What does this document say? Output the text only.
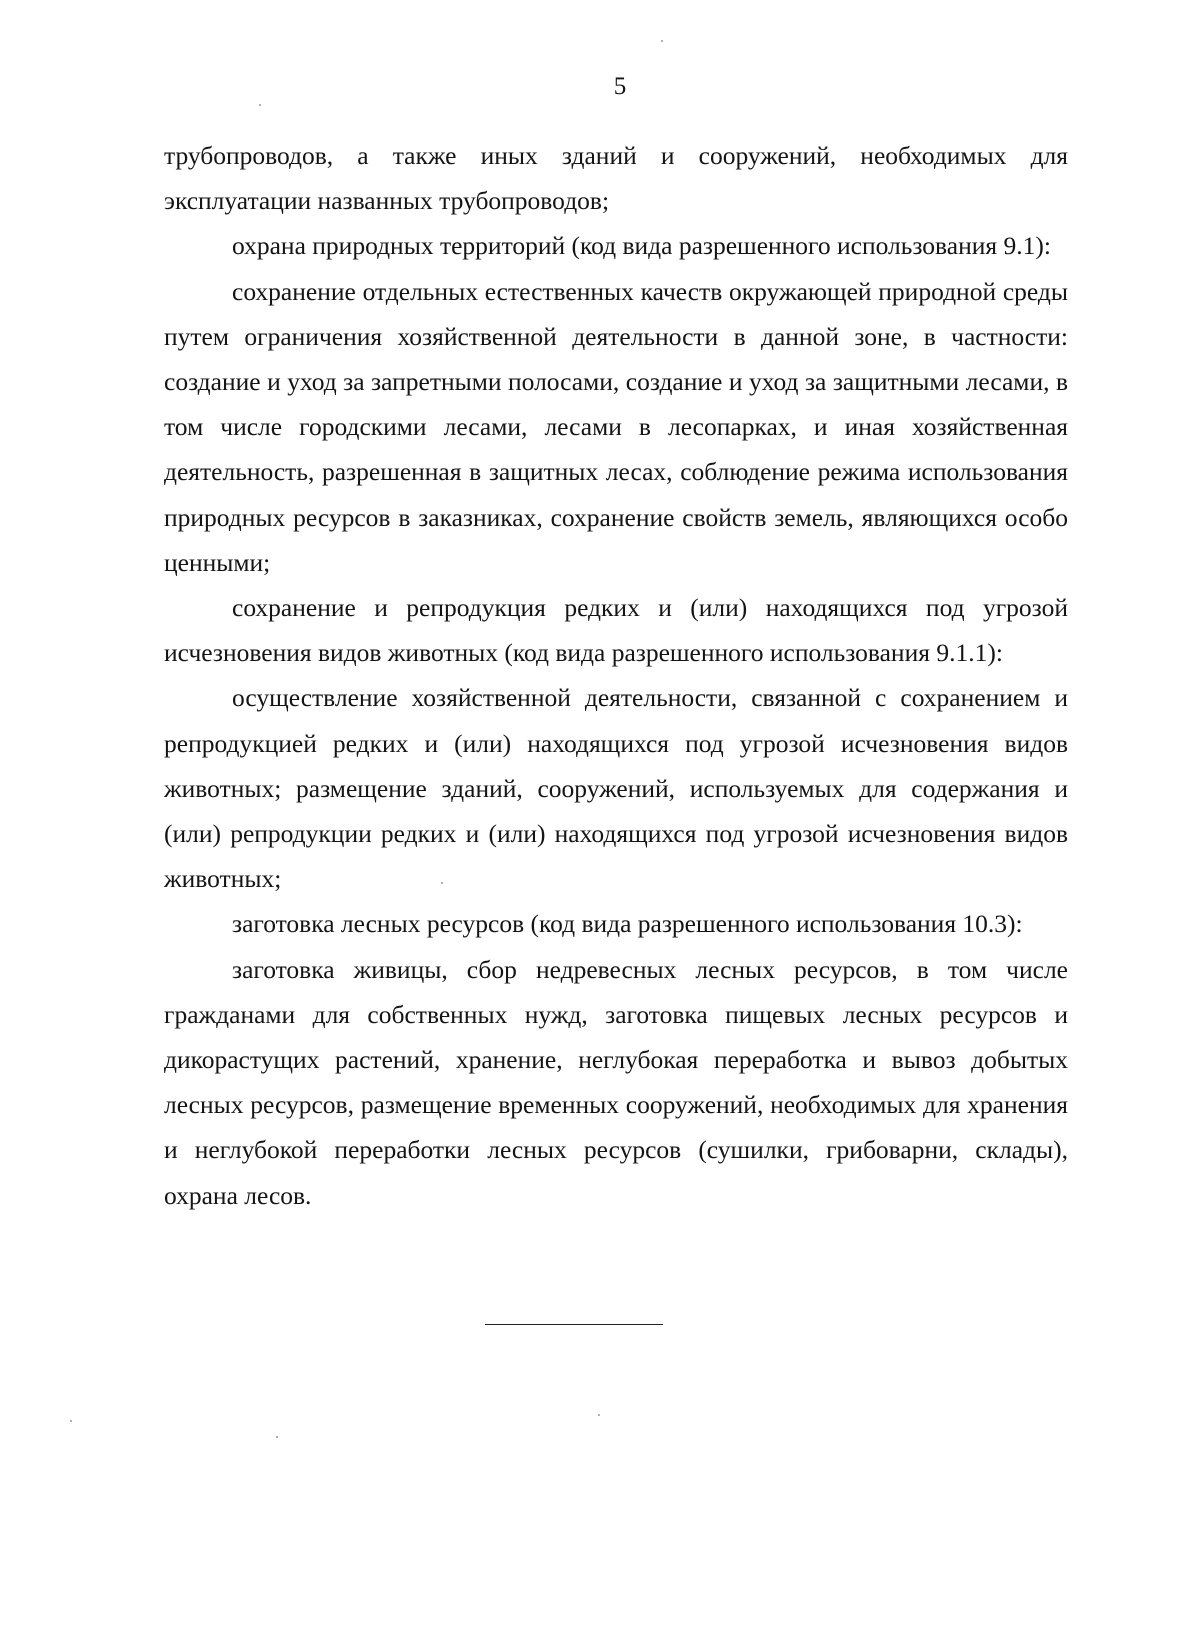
5

трубопроводов, а также иных зданий и сооружений, необходимых для эксплуатации названных трубопроводов;

охрана природных территорий (код вида разрешенного использования 9.1):

сохранение отдельных естественных качеств окружающей природной среды путем ограничения хозяйственной деятельности в данной зоне, в частности: создание и уход за запретными полосами, создание и уход за защитными лесами, в том числе городскими лесами, лесами в лесопарках, и иная хозяйственная деятельность, разрешенная в защитных лесах, соблюдение режима использования природных ресурсов в заказниках, сохранение свойств земель, являющихся особо ценными;

сохранение и репродукция редких и (или) находящихся под угрозой исчезновения видов животных (код вида разрешенного использования 9.1.1):

осуществление хозяйственной деятельности, связанной с сохранением и репродукцией редких и (или) находящихся под угрозой исчезновения видов животных; размещение зданий, сооружений, используемых для содержания и (или) репродукции редких и (или) находящихся под угрозой исчезновения видов животных;

заготовка лесных ресурсов (код вида разрешенного использования 10.3):

заготовка живицы, сбор недревесных лесных ресурсов, в том числе гражданами для собственных нужд, заготовка пищевых лесных ресурсов и дикорастущих растений, хранение, неглубокая переработка и вывоз добытых лесных ресурсов, размещение временных сооружений, необходимых для хранения и неглубокой переработки лесных ресурсов (сушилки, грибоварни, склады), охрана лесов.
